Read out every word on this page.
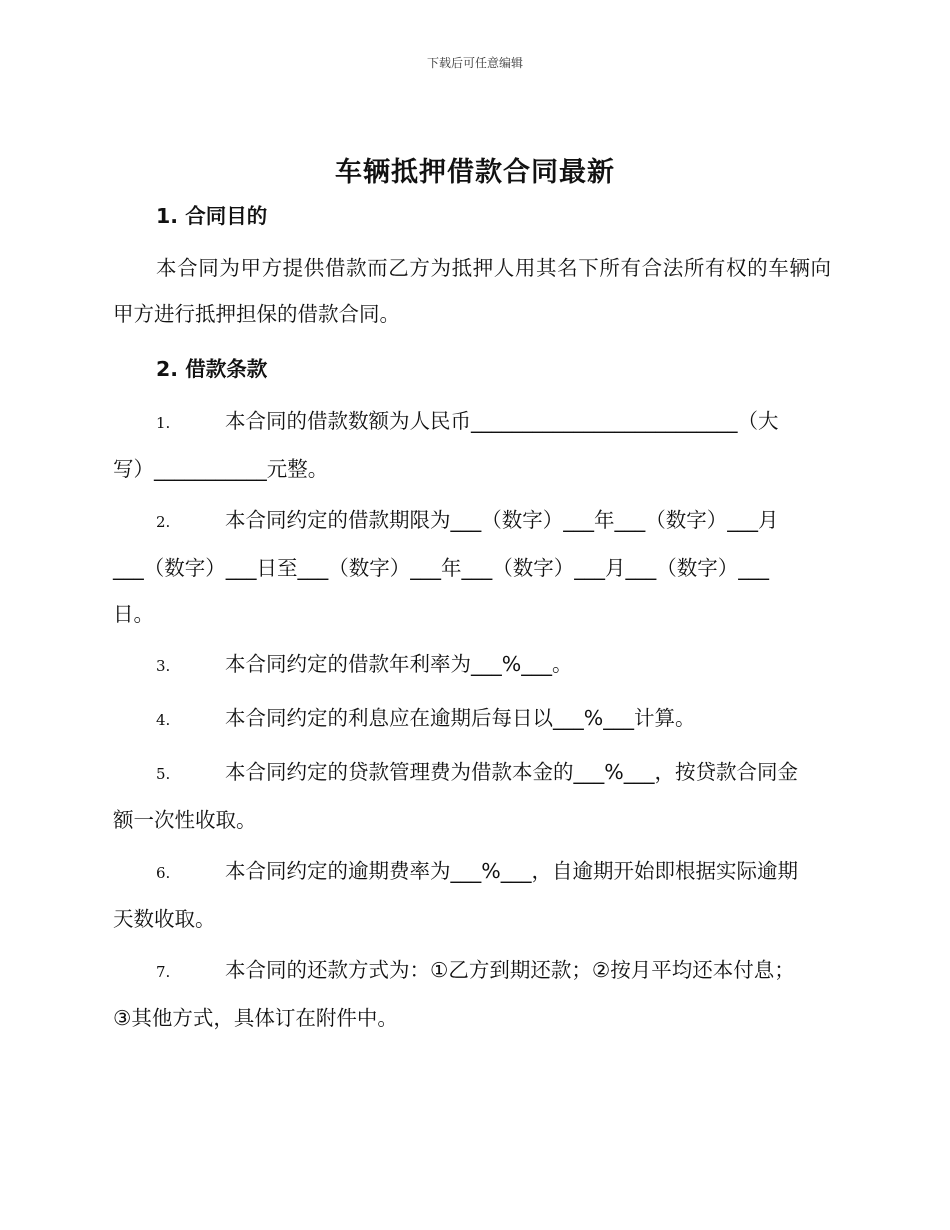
下载后可任意编辑
车辆抵押借款合同最新
1. 合同目的

本合同为甲方提供借款而乙方为抵押人用其名下所有合法所有权的车辆向甲方进行抵押担保的借款合同。

2. 借款条款
1.	本合同的借款数额为人民币__________________________（大
写）___________元整。
2.	本合同约定的借款期限为___（数字）___年___（数字）___月
___（数字）___日至___（数字）___年___（数字）___月___（数字）___
日。
3.	本合同约定的借款年利率为___%___。
4.	本合同约定的利息应在逾期后每日以___%___计算。
5.	本合同约定的贷款管理费为借款本金的___%___，按贷款合同金
额一次性收取。
6.	本合同约定的逾期费率为___%___，自逾期开始即根据实际逾期
天数收取。
7.	本合同的还款方式为：①乙方到期还款；②按月平均还本付息；
③其他方式，具体订在附件中。
